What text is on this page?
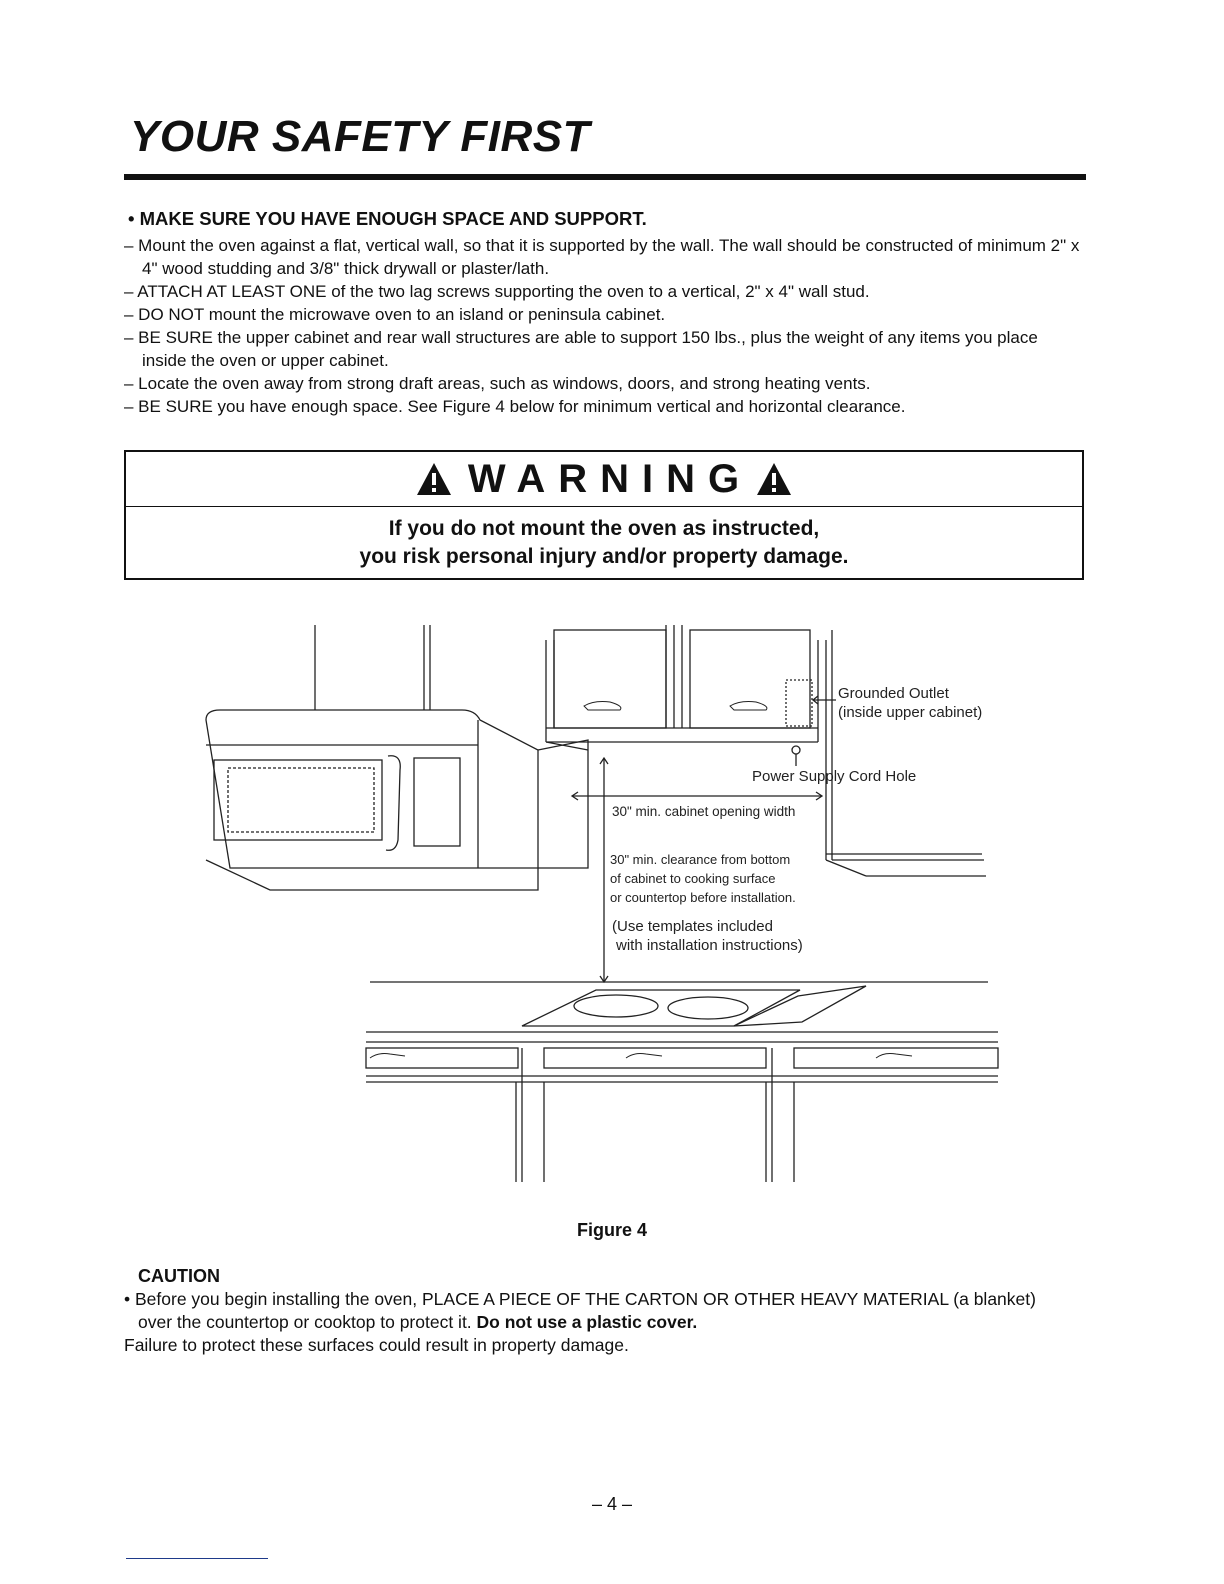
YOUR SAFETY FIRST
• MAKE SURE YOU HAVE ENOUGH SPACE AND SUPPORT.
– Mount the oven against a flat, vertical wall, so that it is supported by the wall. The wall should be constructed of minimum 2" x 4" wood studding and 3/8" thick drywall or plaster/lath.
– ATTACH AT LEAST ONE of the two lag screws supporting the oven to a vertical, 2" x 4" wall stud.
– DO NOT mount the microwave oven to an island or peninsula cabinet.
– BE SURE the upper cabinet and rear wall structures are able to support 150 lbs., plus the weight of any items you place inside the oven or upper cabinet.
– Locate the oven away from strong draft areas, such as windows, doors, and strong heating vents.
– BE SURE you have enough space. See Figure 4 below for minimum vertical and horizontal clearance.
WARNING
If you do not mount the oven as instructed,
you risk personal injury and/or property damage.
Grounded Outlet
(inside upper cabinet)
Power Supply Cord Hole
30" min. cabinet opening width
30" min. clearance from bottom
of cabinet to cooking surface
or countertop before installation.
(Use templates included
with installation instructions)
Figure 4
CAUTION

• Before you begin installing the oven, PLACE A PIECE OF THE CARTON OR OTHER HEAVY MATERIAL (a blanket) over the countertop or cooktop to protect it. Do not use a plastic cover.

Failure to protect these surfaces could result in property damage.

– 4 –
